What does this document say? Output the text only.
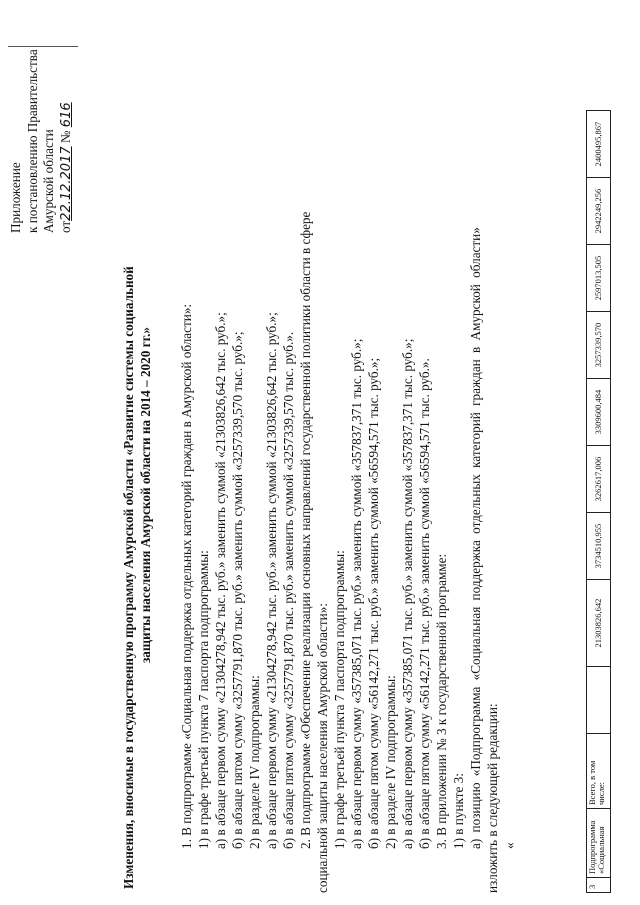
Приложение к постановлению Правительства Амурской области от22.12.2017 № 616
Изменения, вносимые в государственную программу Амурской области «Развитие системы социальной защиты населения Амурской области на 2014 – 2020 гг.» 1. В подпрограмме «Социальная поддержка отдельных категорий граждан в Амурской области»: 1) в графе третьей пункта 7 паспорта подпрограммы: а) в абзаце первом сумму «21304278,942 тыс. руб.» заменить суммой «21303826,642 тыс. руб.»; б) в абзаце пятом сумму «3257791,870 тыс. руб.» заменить суммой «3257339,570 тыс. руб.»; 2) в разделе IV подпрограммы: а) в абзаце первом сумму «21304278,942 тыс. руб.» заменить суммой «21303826,642 тыс. руб.»; б) в абзаце пятом сумму «3257791,870 тыс. руб.» заменить суммой «3257339,570 тыс. руб.». 2. В подпрограмме «Обеспечение реализации основных направлений государственной политики области в сфере социальной защиты населения Амурской области»: 1) в графе третьей пункта 7 паспорта подпрограммы: а) в абзаце первом сумму «357385,071 тыс. руб.» заменить суммой «357837,371 тыс. руб.»; б) в абзаце пятом сумму «56142,271 тыс. руб.» заменить суммой «56594,571 тыс. руб.»; 2) в разделе IV подпрограммы: а) в абзаце первом сумму «357385,071 тыс. руб.» заменить суммой «357837,371 тыс. руб.»; б) в абзаце пятом сумму «56142,271 тыс. руб.» заменить суммой «56594,571 тыс. руб.». 3. В приложении № 3 к государственной программе: 1) в пункте 3: а) позицию «Подпрограмма «Социальная поддержка отдельных категорий граждан в Амурской области» изложить в следующей редакции: «
3	Подпрограмма «Социальная	Всего, в том числе:		21303826,642	3734510,955	3262617,006	3309600,484	3257339,570	2597013,505	2942249,256	2400495,867
